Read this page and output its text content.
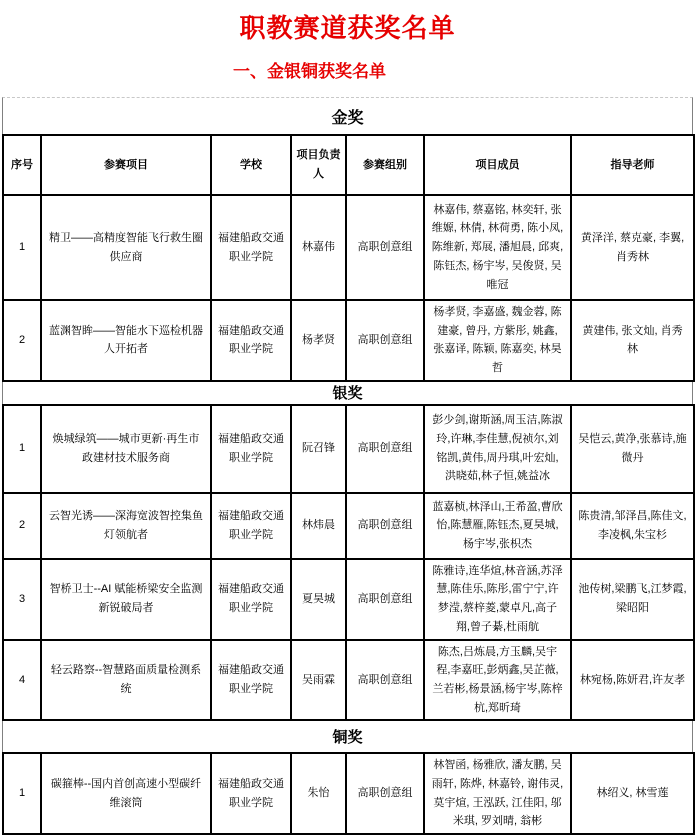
职教赛道获奖名单
一、金银铜获奖名单
金奖
序号	参赛项目	学校	项目负责人	参赛组别	项目成员	指导老师
1	精卫——高精度智能飞行救生圈供应商	福建船政交通职业学院	林嘉伟	高职创意组	林嘉伟, 蔡嘉铭, 林奕轩, 张维嫄, 林倩, 林荷勇, 陈小凤, 陈维新, 郑展, 潘旭晨, 邱爽, 陈钰杰, 杨宇岑, 吴俊贤, 吴唯冠	黄泽洋, 蔡克豪, 李翼, 肖秀林
2	蓝渊智眸——智能水下巡检机器人开拓者	福建船政交通职业学院	杨孝贤	高职创意组	杨孝贤, 李嘉盛, 魏金蓉, 陈建豪, 曾丹, 方紫彤, 姚鑫, 张嘉译, 陈颖, 陈嘉奕, 林昊哲	黄建伟, 张文灿, 肖秀林
银奖
1	焕城绿筑——城市更新·再生市政建材技术服务商	福建船政交通职业学院	阮召锋	高职创意组	彭少剑,谢斯涵,周玉洁,陈淑玲,许琳,李佳慧,倪祯尔,刘铭凯,黄伟,周丹琪,叶宏灿,洪晓茹,林子恒,姚益冰	吴恺云,黄净,张慕诗,施微丹
2	云智光诱——深海宽波智控集鱼灯领航者	福建船政交通职业学院	林炜晨	高职创意组	蓝嘉桢,林泽山,王希盈,曹欣怡,陈慧雁,陈钰杰,夏昊城,杨宇岑,张枳杰	陈贵清,邹泽昌,陈佳文,李凌枫,朱宝杉
3	智桥卫士--AI 赋能桥梁安全监测新锐破局者	福建船政交通职业学院	夏昊城	高职创意组	陈雅诗,连华煊,林音涵,苏泽慧,陈佳乐,陈彤,雷宁宁,许梦滢,蔡梓菱,蒙卓凡,高子翔,曾子綦,杜雨航	池传树,梁鹏飞,江梦霞,梁昭阳
4	轻云路察--智慧路面质量检测系统	福建船政交通职业学院	吴雨霖	高职创意组	陈杰,吕炼晨,方玉麟,吴宇程,李嘉旺,彭炳鑫,吴芷薇,兰若彬,杨景涵,杨宇岑,陈梓杭,郑昕琦	林宛杨,陈妍君,许友孝
铜奖
1	碳箍棒--国内首创高速小型碳纤维滚筒	福建船政交通职业学院	朱怡	高职创意组	林智函, 杨雅欣, 潘友鹏, 吴雨轩, 陈烨, 林嘉铃, 谢伟灵, 莫宇煊, 王泓跃, 江佳阳, 邬米琪, 罗刘晴, 翁彬	林绍义, 林雪莲
